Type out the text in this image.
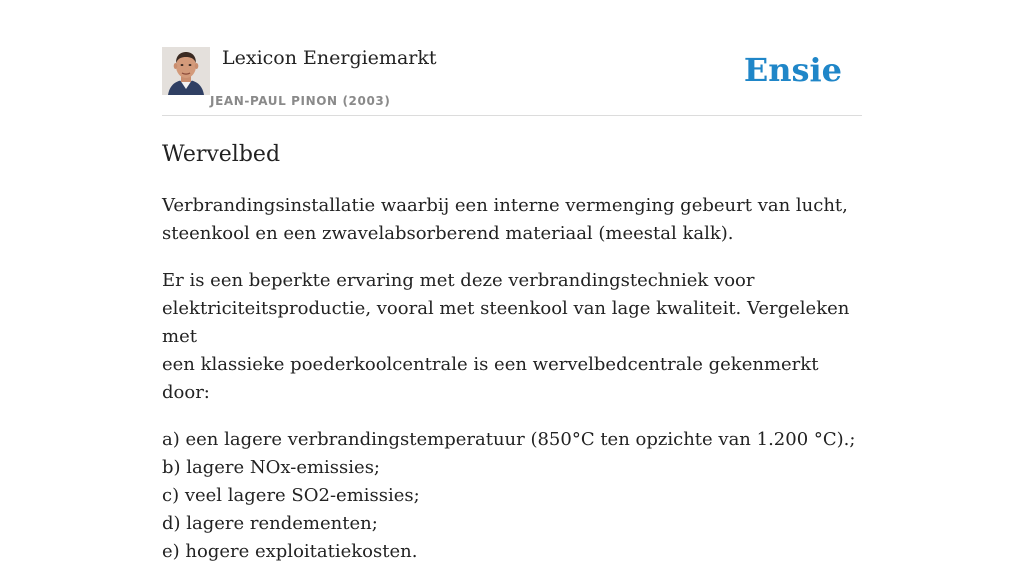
Lexicon Energiemarkt
JEAN-PAUL PINON (2003)
Ensie
Wervelbed

Verbrandingsinstallatie waarbij een interne vermenging gebeurt van lucht,
steenkool en een zwavelabsorberend materiaal (meestal kalk).

Er is een beperkte ervaring met deze verbrandingstechniek voor
elektriciteitsproductie, vooral met steenkool van lage kwaliteit. Vergeleken met
een klassieke poederkoolcentrale is een wervelbedcentrale gekenmerkt door:

a) een lagere verbrandingstemperatuur (850°C ten opzichte van 1.200 °C).;
b) lagere NOx-emissies;
c) veel lagere SO2-emissies;
d) lagere rendementen;
e) hogere exploitatiekosten.
